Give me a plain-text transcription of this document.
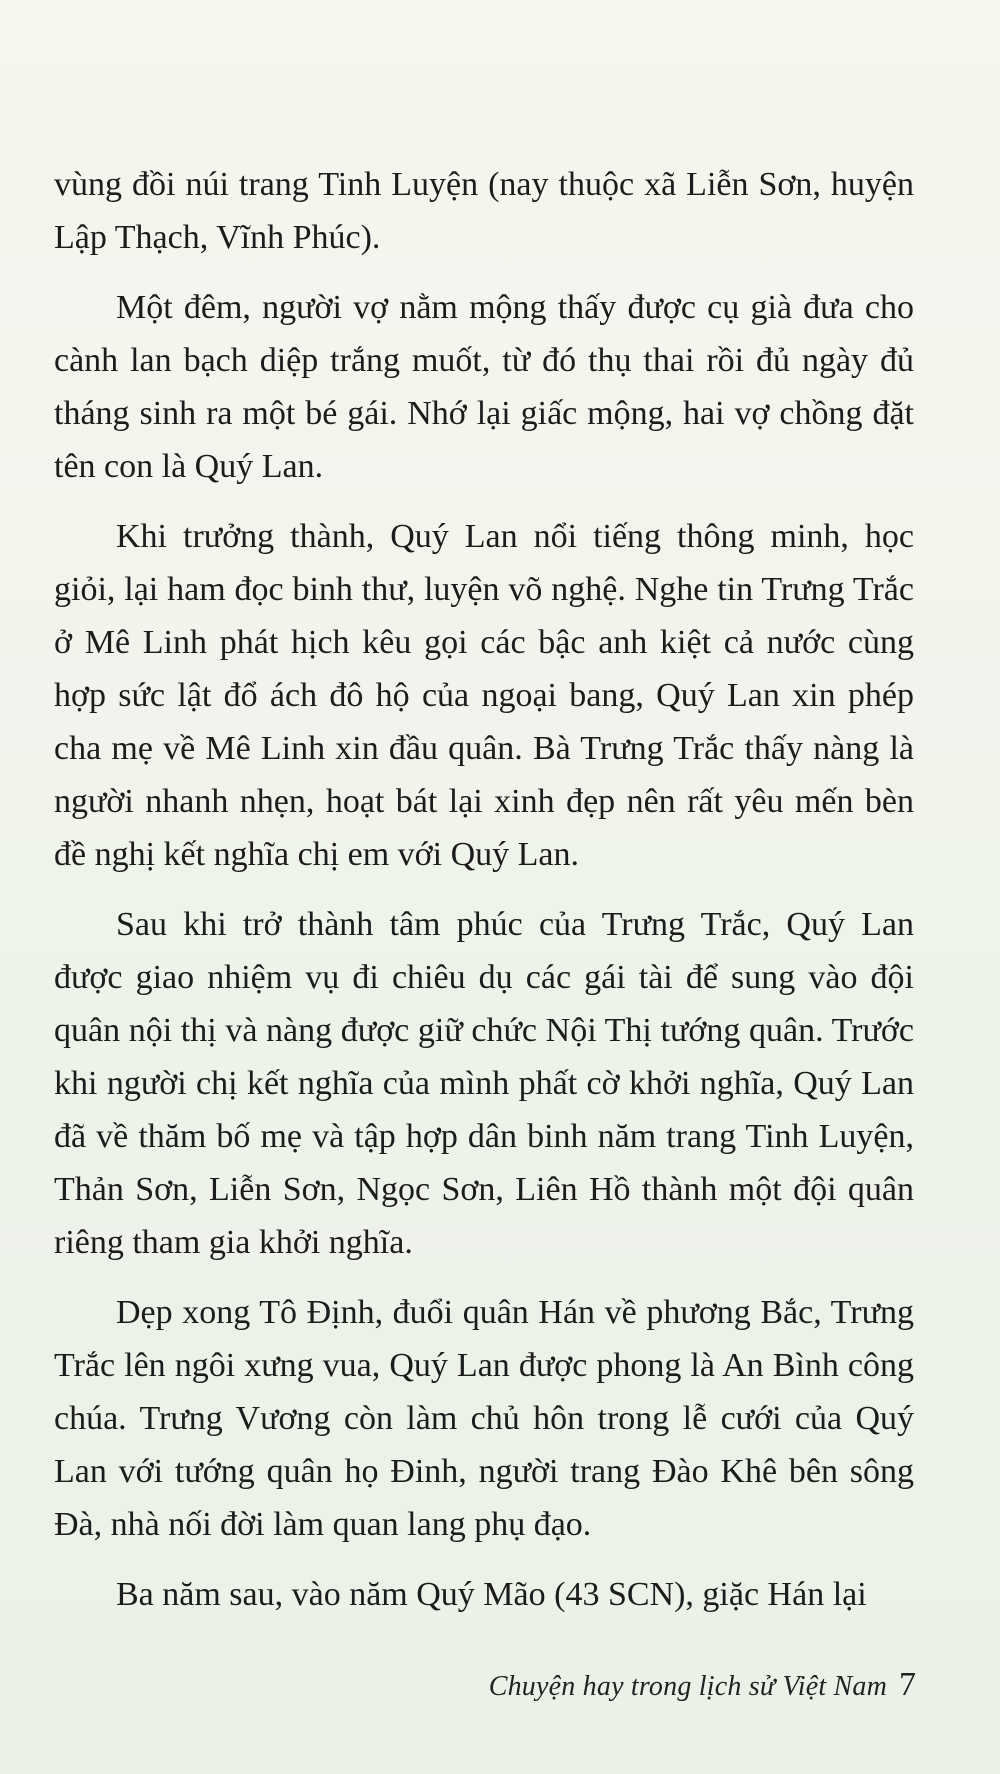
vùng đồi núi trang Tinh Luyện (nay thuộc xã Liễn Sơn, huyện Lập Thạch, Vĩnh Phúc).

Một đêm, người vợ nằm mộng thấy được cụ già đưa cho cành lan bạch diệp trắng muốt, từ đó thụ thai rồi đủ ngày đủ tháng sinh ra một bé gái. Nhớ lại giấc mộng, hai vợ chồng đặt tên con là Quý Lan.

Khi trưởng thành, Quý Lan nổi tiếng thông minh, học giỏi, lại ham đọc binh thư, luyện võ nghệ. Nghe tin Trưng Trắc ở Mê Linh phát hịch kêu gọi các bậc anh kiệt cả nước cùng hợp sức lật đổ ách đô hộ của ngoại bang, Quý Lan xin phép cha mẹ về Mê Linh xin đầu quân. Bà Trưng Trắc thấy nàng là người nhanh nhẹn, hoạt bát lại xinh đẹp nên rất yêu mến bèn đề nghị kết nghĩa chị em với Quý Lan.

Sau khi trở thành tâm phúc của Trưng Trắc, Quý Lan được giao nhiệm vụ đi chiêu dụ các gái tài để sung vào đội quân nội thị và nàng được giữ chức Nội Thị tướng quân. Trước khi người chị kết nghĩa của mình phất cờ khởi nghĩa, Quý Lan đã về thăm bố mẹ và tập hợp dân binh năm trang Tinh Luyện, Thản Sơn, Liễn Sơn, Ngọc Sơn, Liên Hồ thành một đội quân riêng tham gia khởi nghĩa.

Dẹp xong Tô Định, đuổi quân Hán về phương Bắc, Trưng Trắc lên ngôi xưng vua, Quý Lan được phong là An Bình công chúa. Trưng Vương còn làm chủ hôn trong lễ cưới của Quý Lan với tướng quân họ Đinh, người trang Đào Khê bên sông Đà, nhà nối đời làm quan lang phụ đạo.

Ba năm sau, vào năm Quý Mão (43 SCN), giặc Hán lại

Chuyện hay trong lịch sử Việt Nam 7
